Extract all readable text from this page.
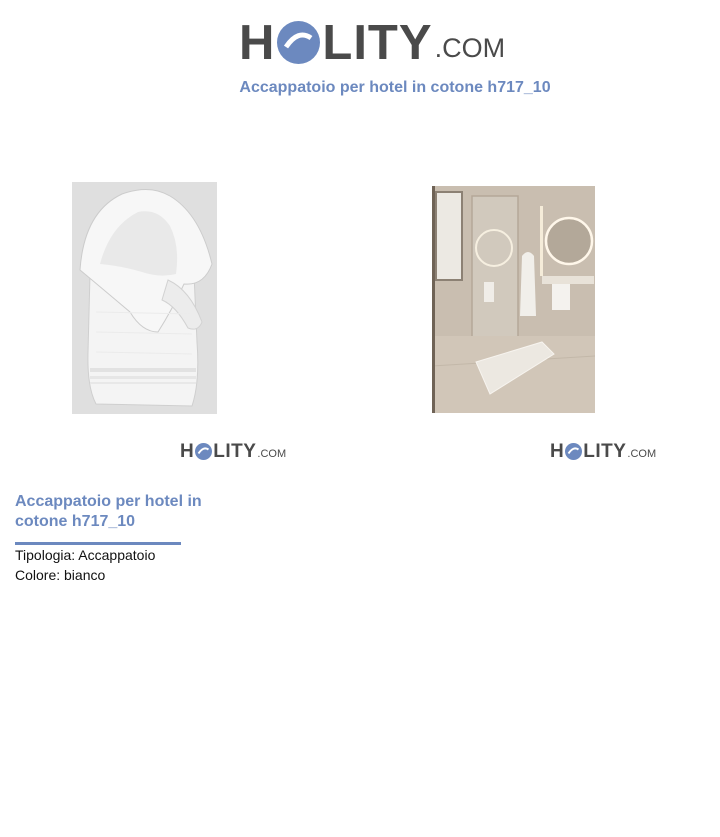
H LITY .COM
Accappatoio per hotel in cotone h717_10
H LITY .COM	H LITY .COM
Accappatoio per hotel in cotone h717_10

Tipologia: Accappatoio

Colore: bianco
